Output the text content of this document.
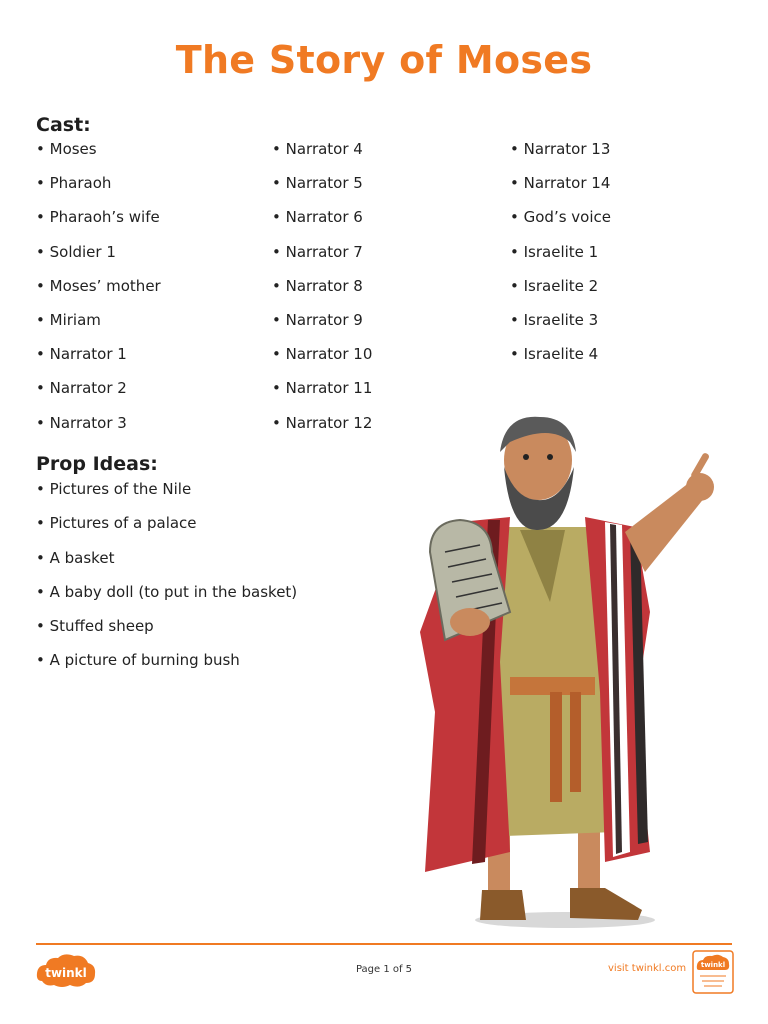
The Story of Moses
Cast:
• Moses
• Pharaoh
• Pharaoh’s wife
• Soldier 1
• Moses’ mother
• Miriam
• Narrator 1
• Narrator 2
• Narrator 3
• Narrator 4
• Narrator 5
• Narrator 6
• Narrator 7
• Narrator 8
• Narrator 9
• Narrator 10
• Narrator 11
• Narrator 12
• Narrator 13
• Narrator 14
• God’s voice
• Israelite 1
• Israelite 2
• Israelite 3
• Israelite 4
Prop Ideas:
• Pictures of the Nile
• Pictures of a palace
• A basket
• A baby doll (to put in the basket)
• Stuffed sheep
• A picture of burning bush
twinkl	Page 1 of 5	visit twinkl.com twinkl
